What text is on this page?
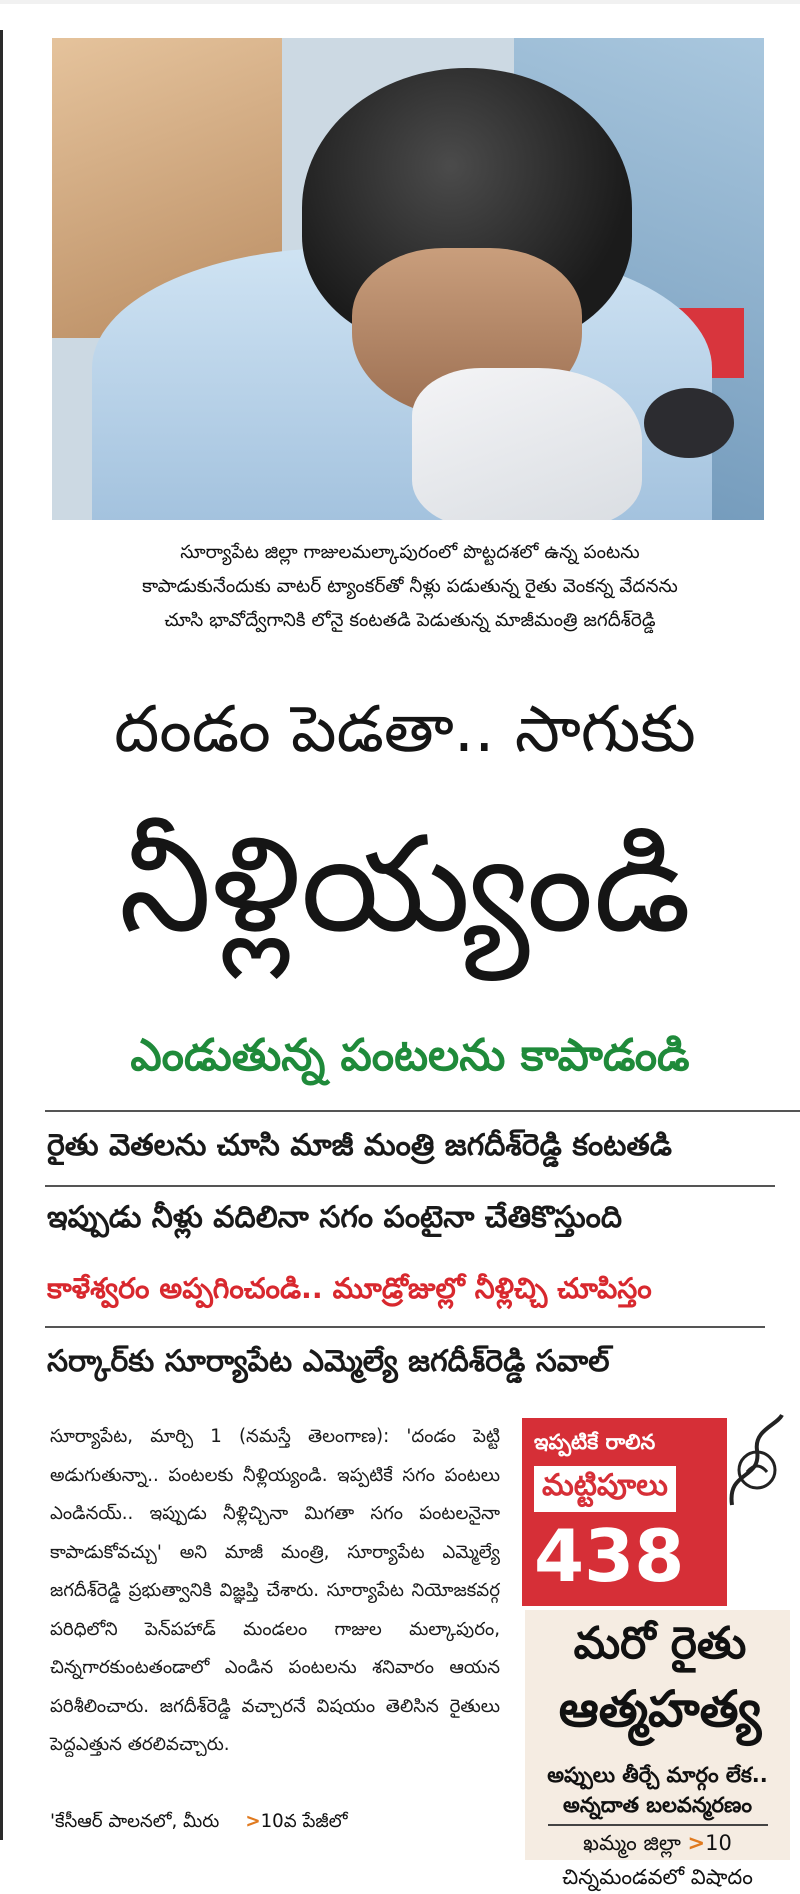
సూర్యాపేట జిల్లా గాజులమల్కాపురంలో పొట్టదశలో ఉన్న పంటను
కాపాడుకునేందుకు వాటర్ ట్యాంకర్‌తో నీళ్లు పడుతున్న రైతు వెంకన్న వేదనను
చూసి భావోద్వేగానికి లోనై కంటతడి పెడుతున్న మాజీమంత్రి జగదీశ్‌రెడ్డి
దండం పెడతా.. సాగుకు
నీళ్లియ్యండి
ఎండుతున్న పంటలను కాపాడండి
రైతు వెతలను చూసి మాజీ మంత్రి జగదీశ్‌రెడ్డి కంటతడి
ఇప్పుడు నీళ్లు వదిలినా సగం పంటైనా చేతికొస్తుంది
కాళేశ్వరం అప్పగించండి.. మూడ్రోజుల్లో నీళ్లిచ్చి చూపిస్తం
సర్కార్‌కు సూర్యాపేట ఎమ్మెల్యే జగదీశ్‌రెడ్డి సవాల్
సూర్యాపేట, మార్చి 1 (నమస్తే తెలంగాణ): 'దండం పెట్టి అడుగుతున్నా.. పంటలకు నీళ్లియ్యండి. ఇప్పటికే సగం పంటలు ఎండినయ్.. ఇప్పుడు నీళ్లిచ్చినా మిగతా సగం పంటలనైనా కాపాడుకోవచ్చు' అని మాజీ మంత్రి, సూర్యాపేట ఎమ్మెల్యే జగదీశ్‌రెడ్డి ప్రభుత్వానికి విజ్ఞప్తి చేశారు. సూర్యాపేట నియోజకవర్గ పరిధిలోని పెన్‌పహాడ్ మండలం గాజుల మల్కాపురం, చిన్నగారకుంటతండాలో ఎండిన పంటలను శనివారం ఆయన పరిశీలించారు. జగదీశ్‌రెడ్డి వచ్చారనే విషయం తెలిసిన రైతులు పెద్దఎత్తున తరలివచ్చారు.
'కేసీఆర్ పాలనలో, మీరు >10వ పేజీలో
ఇప్పటికే రాలిన
మట్టిపూలు
438
మరో రైతు
ఆత్మహత్య
అప్పులు తీర్చే మార్గం లేక..
అన్నదాత బలవన్మరణం
ఖమ్మం జిల్లా >10
చిన్నమండవలో విషాదం
